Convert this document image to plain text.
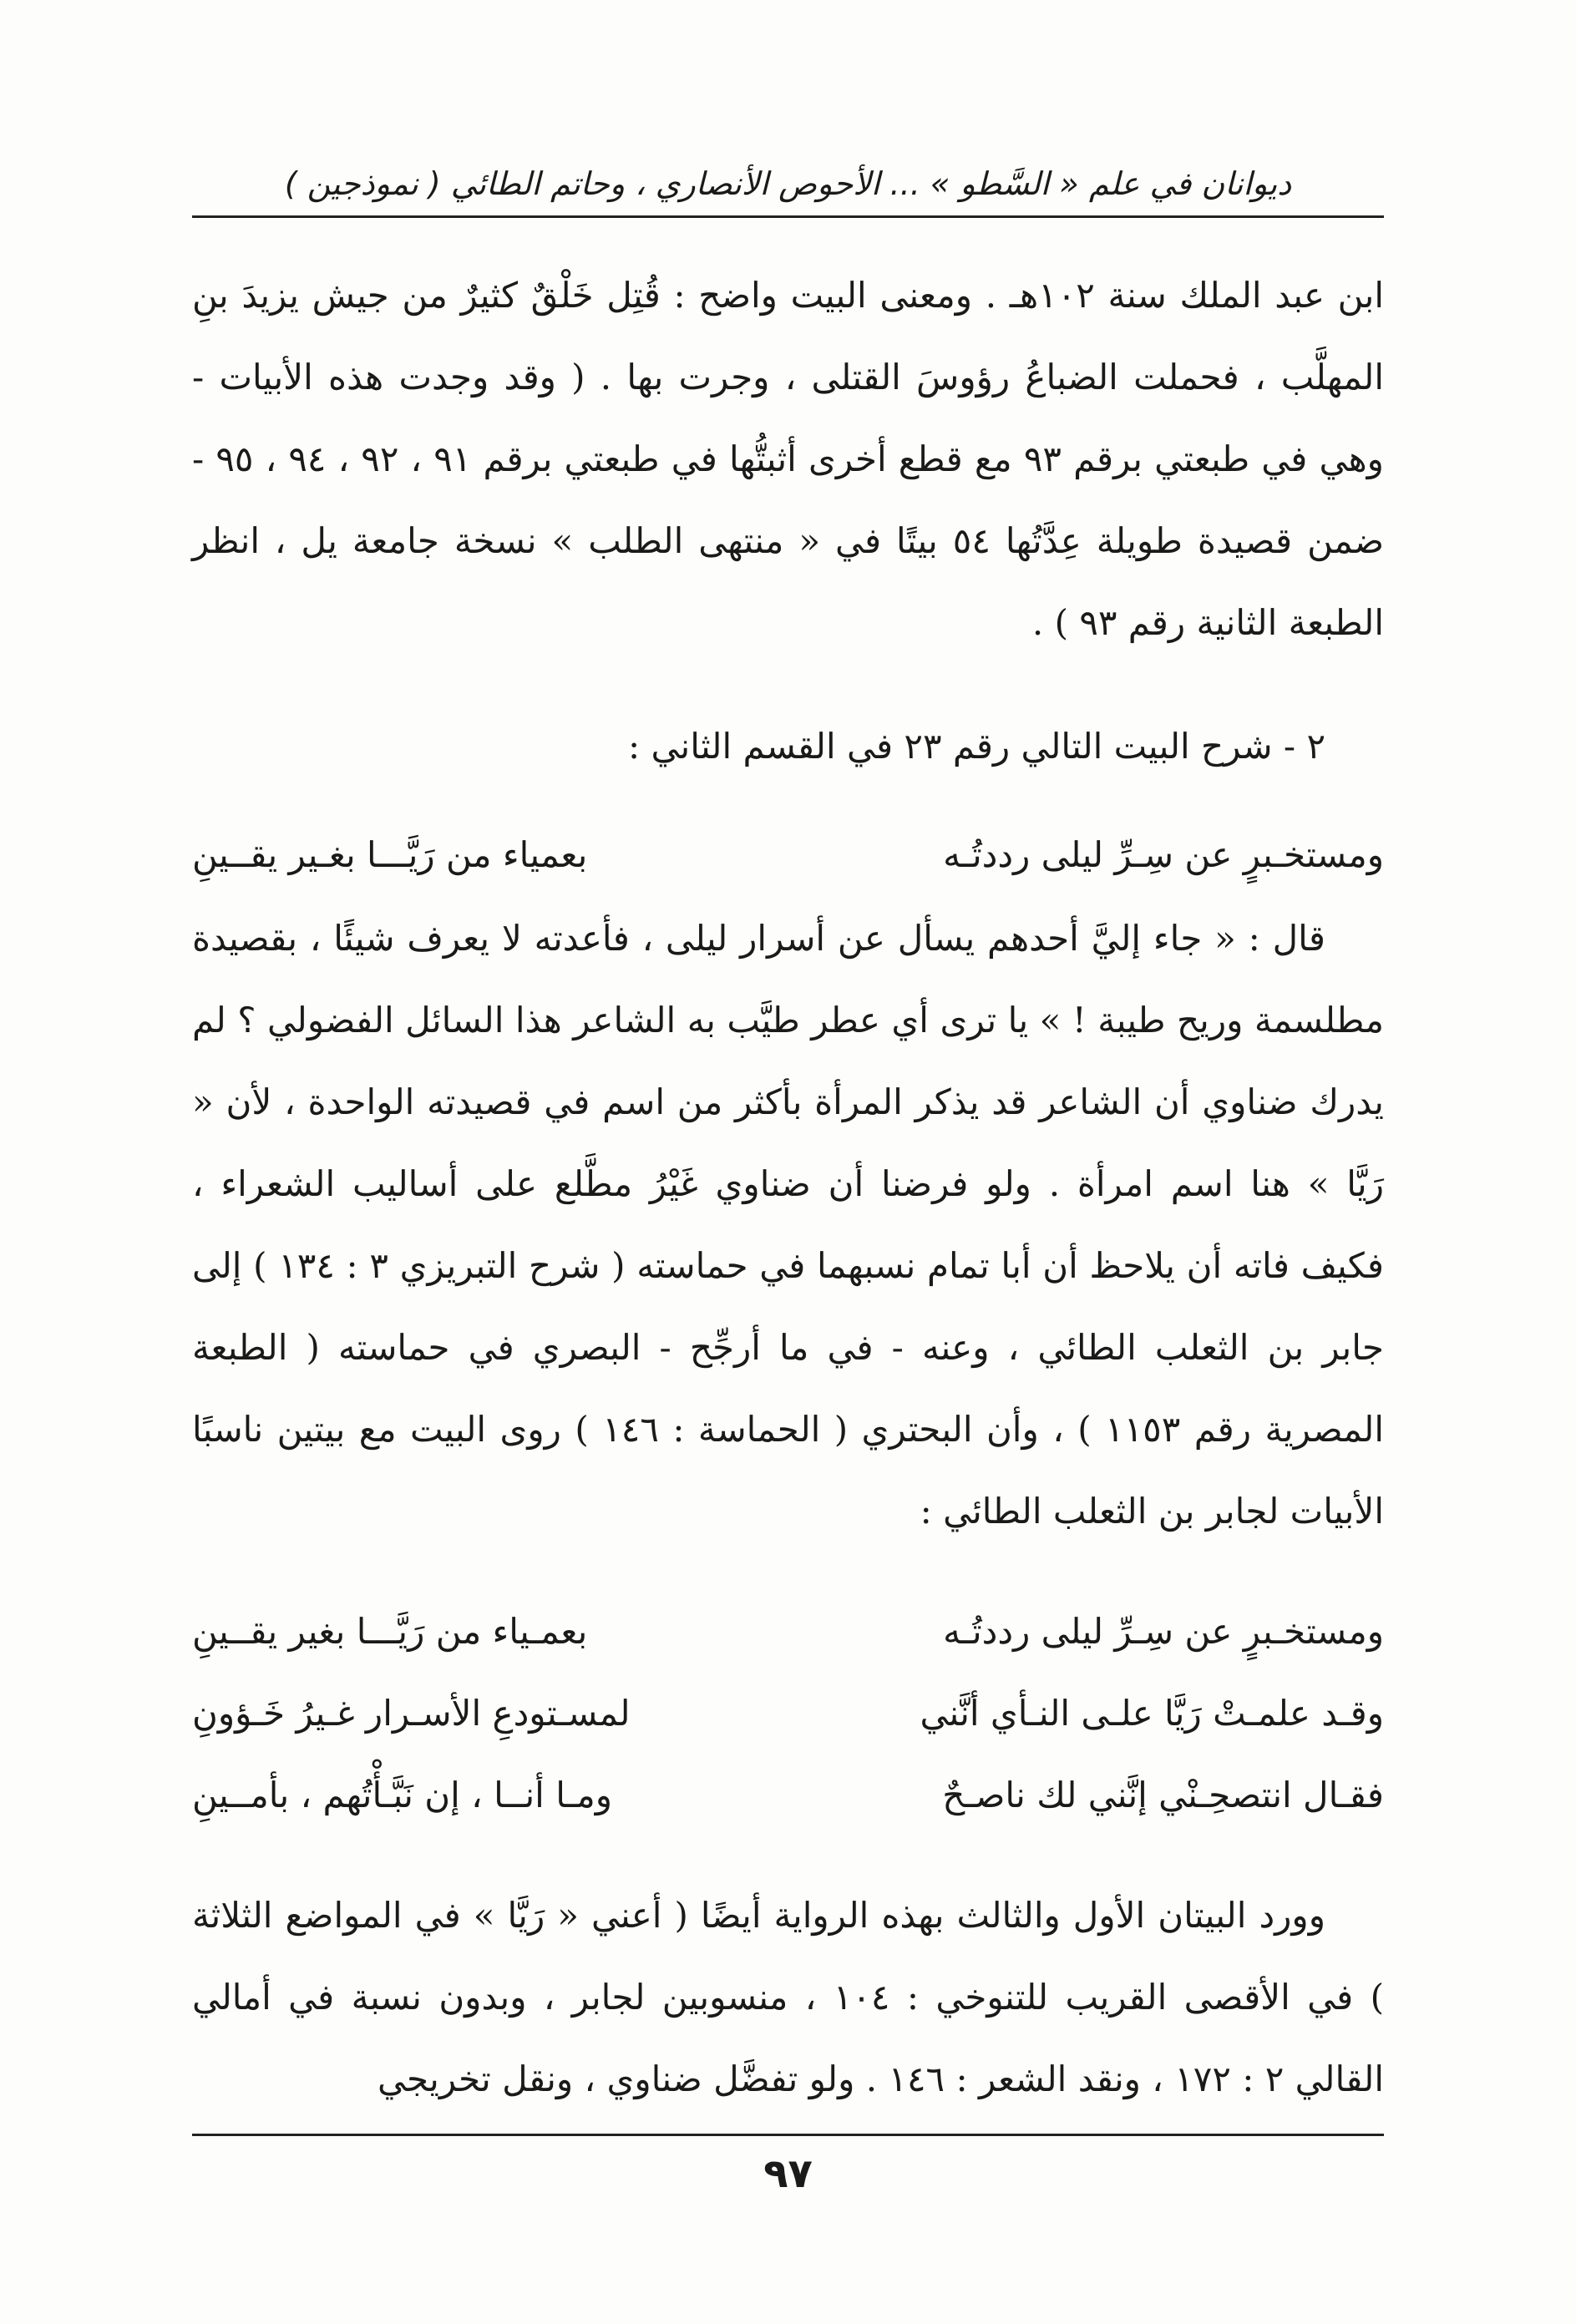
ديوانان في علم « السَّطو » ... الأحوص الأنصاري ، وحاتم الطائي ( نموذجين )

ابن عبد الملك سنة ١٠٢هـ . ومعنى البيت واضح : قُتِل خَلْقٌ كثيرٌ من جيش يزيدَ بنِ المهلَّب ، فحملت الضباعُ رؤوسَ القتلى ، وجرت بها . ( وقد وجدت هذه الأبيات - وهي في طبعتي برقم ٩٣ مع قطع أخرى أثبتُّها في طبعتي برقم ٩١ ، ٩٢ ، ٩٤ ، ٩٥ - ضمن قصيدة طويلة عِدَّتُها ٥٤ بيتًا في « منتهى الطلب » نسخة جامعة يل ، انظر الطبعة الثانية رقم ٩٣ ) .

٢ - شرح البيت التالي رقم ٢٣ في القسم الثاني :

ومستخـبرٍ عن سِـرِّ ليلى رددتُـه
بعمياء من رَيَّـــا بغـير يقــينِ

قال : « جاء إليَّ أحدهم يسأل عن أسرار ليلى ، فأعدته لا يعرف شيئًا ، بقصيدة مطلسمة وريح طيبة ! » يا ترى أي عطر طيَّب به الشاعر هذا السائل الفضولي ؟ لم يدرك ضناوي أن الشاعر قد يذكر المرأة بأكثر من اسم في قصيدته الواحدة ، لأن « رَيَّا » هنا اسم امرأة . ولو فرضنا أن ضناوي غَيْرُ مطَّلع على أساليب الشعراء ، فكيف فاته أن يلاحظ أن أبا تمام نسبهما في حماسته ( شرح التبريزي ٣ : ١٣٤ ) إلى جابر بن الثعلب الطائي ، وعنه - في ما أرجِّح - البصري في حماسته ( الطبعة المصرية رقم ١١٥٣ ) ، وأن البحتري ( الحماسة : ١٤٦ ) روى البيت مع بيتين ناسبًا الأبيات لجابر بن الثعلب الطائي :

ومستخـبرٍ عن سِـرِّ ليلى رددتُـه
بعمـياء من رَيَّـــا بغير يقــينِ
وقـد علمـتْ رَيَّا علـى النـأي أنَّني
لمسـتودعِ الأسـرار غـيرُ خَـؤونِ
فقـال انتصحِـنْي إنَّني لك ناصـحٌ
ومـا أنــا ، إن نَبَّـأْتُهم ، بأمــينِ

وورد البيتان الأول والثالث بهذه الرواية أيضًا ( أعني « رَيَّا » في المواضع الثلاثة ) في الأقصى القريب للتنوخي : ١٠٤ ، منسوبين لجابر ، وبدون نسبة في أمالي القالي ٢ : ١٧٢ ، ونقد الشعر : ١٤٦ . ولو تفضَّل ضناوي ، ونقل تخريجي

٩٧
